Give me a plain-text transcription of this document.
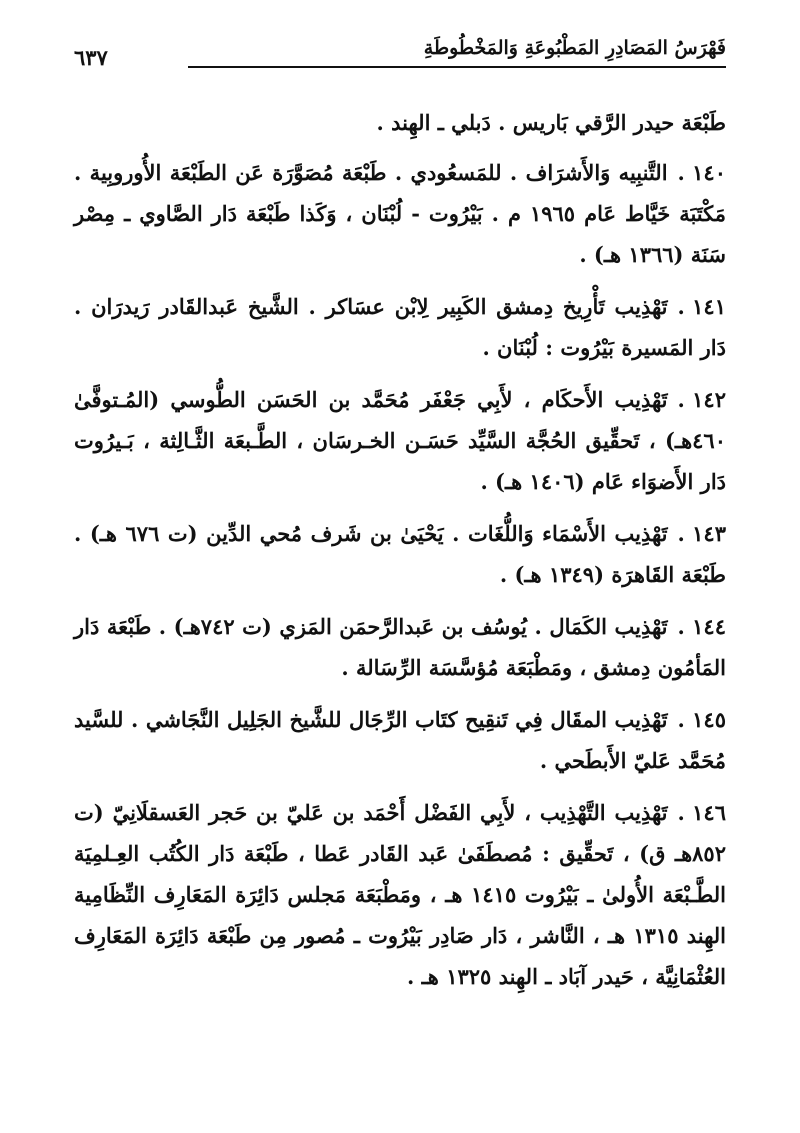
فَهْرَسُ المَصَادِرِ المَطْبُوعَةِ وَالمَخْطُوطَةِ
٦٣٧

طَبْعَة حيدر الرَّقي بَاريس . دَبلي ـ الهِند .

١٤٠ .التَّنبِيه وَالأَشرَاف . للمَسعُودي . طَبْعَة مُصَوَّرَة عَن الطَبْعَة الأُوروبِية . مَكْتَبَة خَيَّاط عَام ١٩٦٥ م . بَيْرُوت - لُبْنَان ، وَكَذا طَبْعَة دَار الصَّاوي ـ مِصْر سَنَة (١٣٦٦ هـ) .

١٤١ .تَهْذِيب تَأْرِيخ دِمشق الكَبِير لِابْن عسَاكر . الشَّيخ عَبدالقَادر رَيدرَان . دَار المَسيرة بَيْرُوت : لُبْنَان .

١٤٢ .تَهْذِيب الأَحكَام ، لأَبِي جَعْفَر مُحَمَّد بن الحَسَن الطُّوسي (المُـتوفَّىٰ ٤٦٠هـ) ، تَحقِّيق الحُجَّة السَّيِّد حَسَـن الخـرسَان ، الطَّـبعَة الثَّـالِثة ، بَـيرُوت دَار الأَضوَاء عَام (١٤٠٦ هـ) .

١٤٣ .تَهْذِيب الأَسْمَاء وَاللُّغَات . يَحْيَىٰ بن شَرف مُحي الدِّين (ت ٦٧٦ هـ) . طَبْعَة القَاهرَة (١٣٤٩ هـ) .

١٤٤ .تَهْذِيب الكَمَال . يُوسُف بن عَبدالرَّحمَن المَزي (ت ٧٤٢هـ) . طَبْعَة دَار المَأمُون دِمشق ، ومَطْبَعَة مُؤسَّسَة الرِّسَالة .

١٤٥ .تَهْذِيب المقَال فِي تَنقِيح كتَاب الرِّجَال للشَّيخ الجَلِيل النَّجَاشي . للسَّيد مُحَمَّد عَليّ الأَبطَحي .

١٤٦ .تَهْذِيب التَّهْذِيب ، لأَبِي الفَضْل أَحْمَد بن عَليّ بن حَجر العَسقلَانِيّ (ت ٨٥٢هـ ق) ، تَحقِّيق : مُصطَفَىٰ عَبد القَادر عَطا ، طَبْعَة دَار الكُتُب العِـلمِيَة الطَّـبْعَة الأُولىٰ ـ بَيْرُوت ١٤١٥ هـ ، ومَطْبَعَة مَجلس دَائِرَة المَعَارِف النِّظَامِية الهِند ١٣١٥ هـ ، النَّاشر ، دَار صَادِر بَيْرُوت ـ مُصور مِن طَبْعَة دَائِرَة المَعَارِف العُثْمَانِيَّة ، حَيدر آبَاد ـ الهِند ١٣٢٥ هـ .
